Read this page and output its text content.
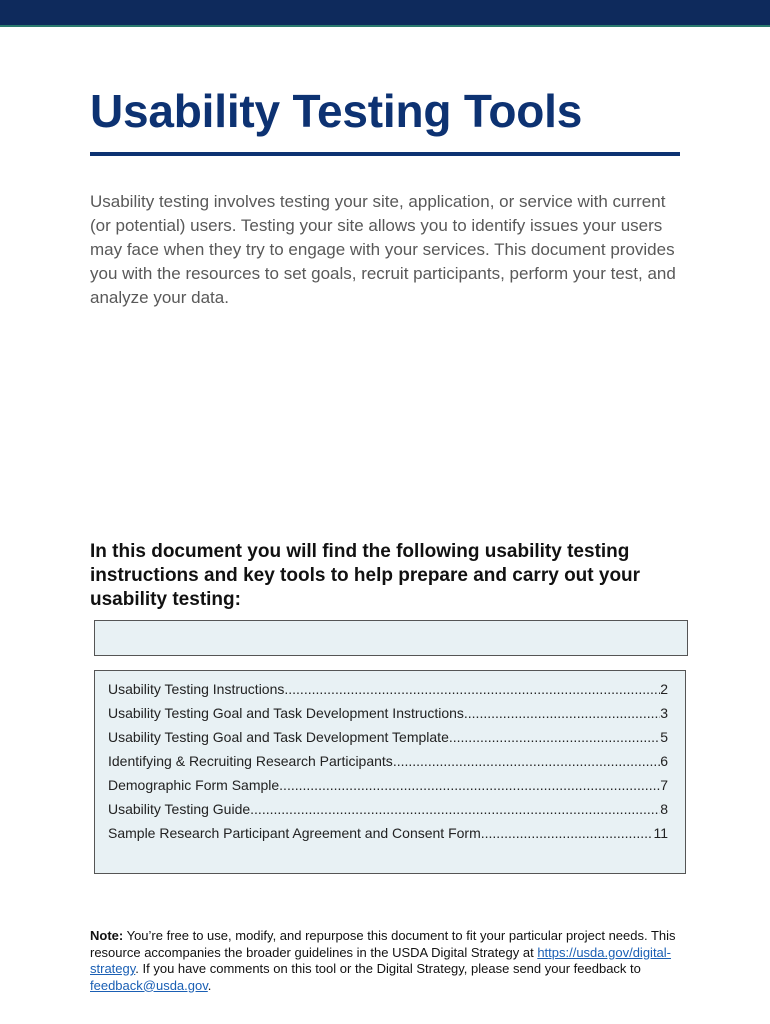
Usability Testing Tools

Usability testing involves testing your site, application, or service with current (or potential) users. Testing your site allows you to identify issues your users may face when they try to engage with your services. This document provides you with the resources to set goals, recruit participants, perform your test, and analyze your data.

In this document you will find the following usability testing instructions and key tools to help prepare and carry out your usability testing:
Usability Testing Instructions .....	2
Usability Testing Goal and Task Development Instructions .....	3
Usability Testing Goal and Task Development Template .....	5
Identifying & Recruiting Research Participants .....	6
Demographic Form Sample .....	7
Usability Testing Guide .....	8
Sample Research Participant Agreement and Consent Form .....	11

Note: You’re free to use, modify, and repurpose this document to fit your particular project needs. This resource accompanies the broader guidelines in the USDA Digital Strategy at https://usda.gov/digital-strategy. If you have comments on this tool or the Digital Strategy, please send your feedback to feedback@usda.gov.
